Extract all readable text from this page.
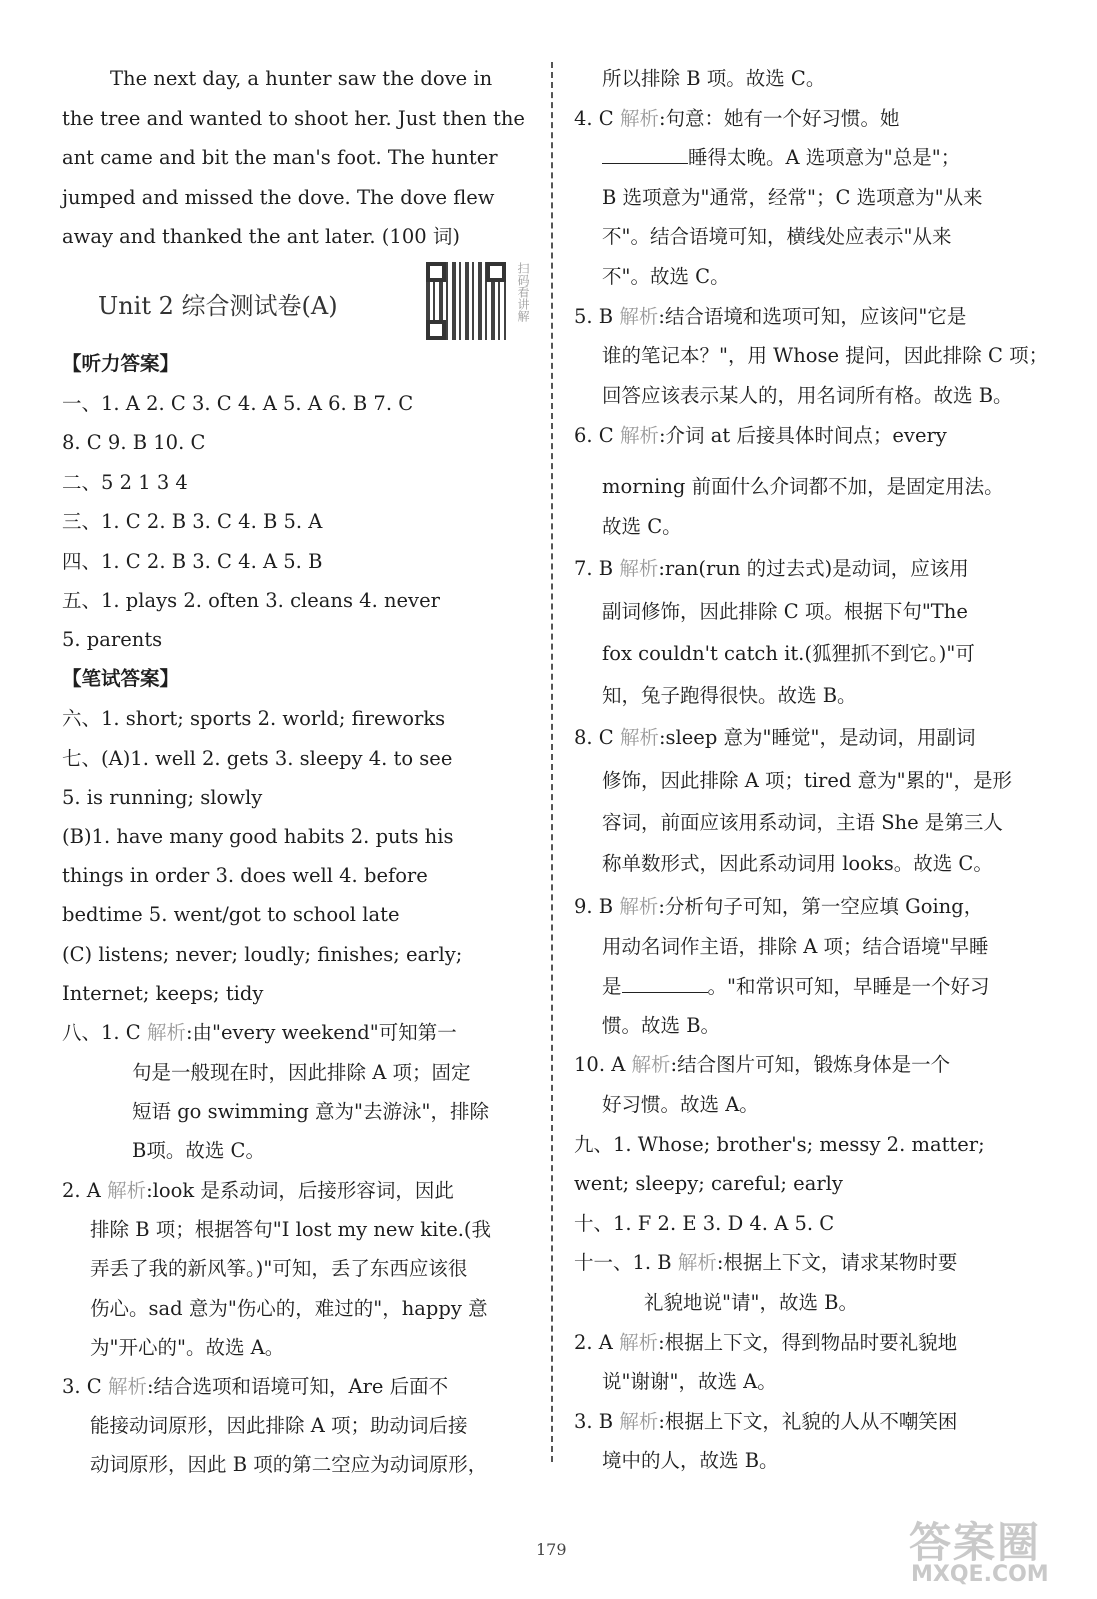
The next day, a hunter saw the dove in
the tree and wanted to shoot her. Just then the
ant came and bit the man's foot. The hunter
jumped and missed the dove. The dove flew
away and thanked the ant later. (100 词)
【听力答案】
一、1. A 2. C 3. C 4. A 5. A 6. B 7. C
8. C 9. B 10. C
二、5 2 1 3 4
三、1. C 2. B 3. C 4. B 5. A
四、1. C 2. B 3. C 4. A 5. B
五、1. plays 2. often 3. cleans 4. never
5. parents
【笔试答案】
六、1. short; sports 2. world; fireworks
七、(A)1. well 2. gets 3. sleepy 4. to see
5. is running; slowly
(B)1. have many good habits 2. puts his
things in order 3. does well 4. before
bedtime 5. went/got to school late
(C) listens; never; loudly; finishes; early;
Internet; keeps; tidy
八、1. C 解析:由"every weekend"可知第一
句是一般现在时，因此排除 A 项；固定
短语 go swimming 意为"去游泳"，排除
B项。故选 C。
2. A 解析:look 是系动词，后接形容词，因此
排除 B 项；根据答句"I lost my new kite.(我
弄丢了我的新风筝。)"可知，丢了东西应该很
伤心。sad 意为"伤心的，难过的"，happy 意
为"开心的"。故选 A。
3. C 解析:结合选项和语境可知，Are 后面不
能接动词原形，因此排除 A 项；助动词后接
动词原形，因此 B 项的第二空应为动词原形，
所以排除 B 项。故选 C。
4. C 解析:句意：她有一个好习惯。她
睡得太晚。A 选项意为"总是"；
B 选项意为"通常，经常"；C 选项意为"从来
不"。结合语境可知，横线处应表示"从来
不"。故选 C。
5. B 解析:结合语境和选项可知，应该问"它是
谁的笔记本？"，用 Whose 提问，因此排除 C 项；
回答应该表示某人的，用名词所有格。故选 B。
6. C 解析:介词 at 后接具体时间点；every
morning 前面什么介词都不加，是固定用法。
故选 C。
7. B 解析:ran(run 的过去式)是动词，应该用
副词修饰，因此排除 C 项。根据下句"The
fox couldn't catch it.(狐狸抓不到它。)"可
知，兔子跑得很快。故选 B。
8. C 解析:sleep 意为"睡觉"，是动词，用副词
修饰，因此排除 A 项；tired 意为"累的"，是形
容词，前面应该用系动词，主语 She 是第三人
称单数形式，因此系动词用 looks。故选 C。
9. B 解析:分析句子可知，第一空应填 Going，
用动名词作主语，排除 A 项；结合语境"早睡
是	。"和常识可知，早睡是一个好习
惯。故选 B。
10. A 解析:结合图片可知，锻炼身体是一个
好习惯。故选 A。
九、1. Whose; brother's; messy 2. matter;
went; sleepy; careful; early
十、1. F 2. E 3. D 4. A 5. C
十一、1. B 解析:根据上下文，请求某物时要
礼貌地说"请"，故选 B。
2. A 解析:根据上下文，得到物品时要礼貌地
说"谢谢"，故选 A。
3. B 解析:根据上下文，礼貌的人从不嘲笑困
境中的人，故选 B。
Unit 2 综合测试卷(A)	扫码看讲解
179	答案圈
MXQE.COM
